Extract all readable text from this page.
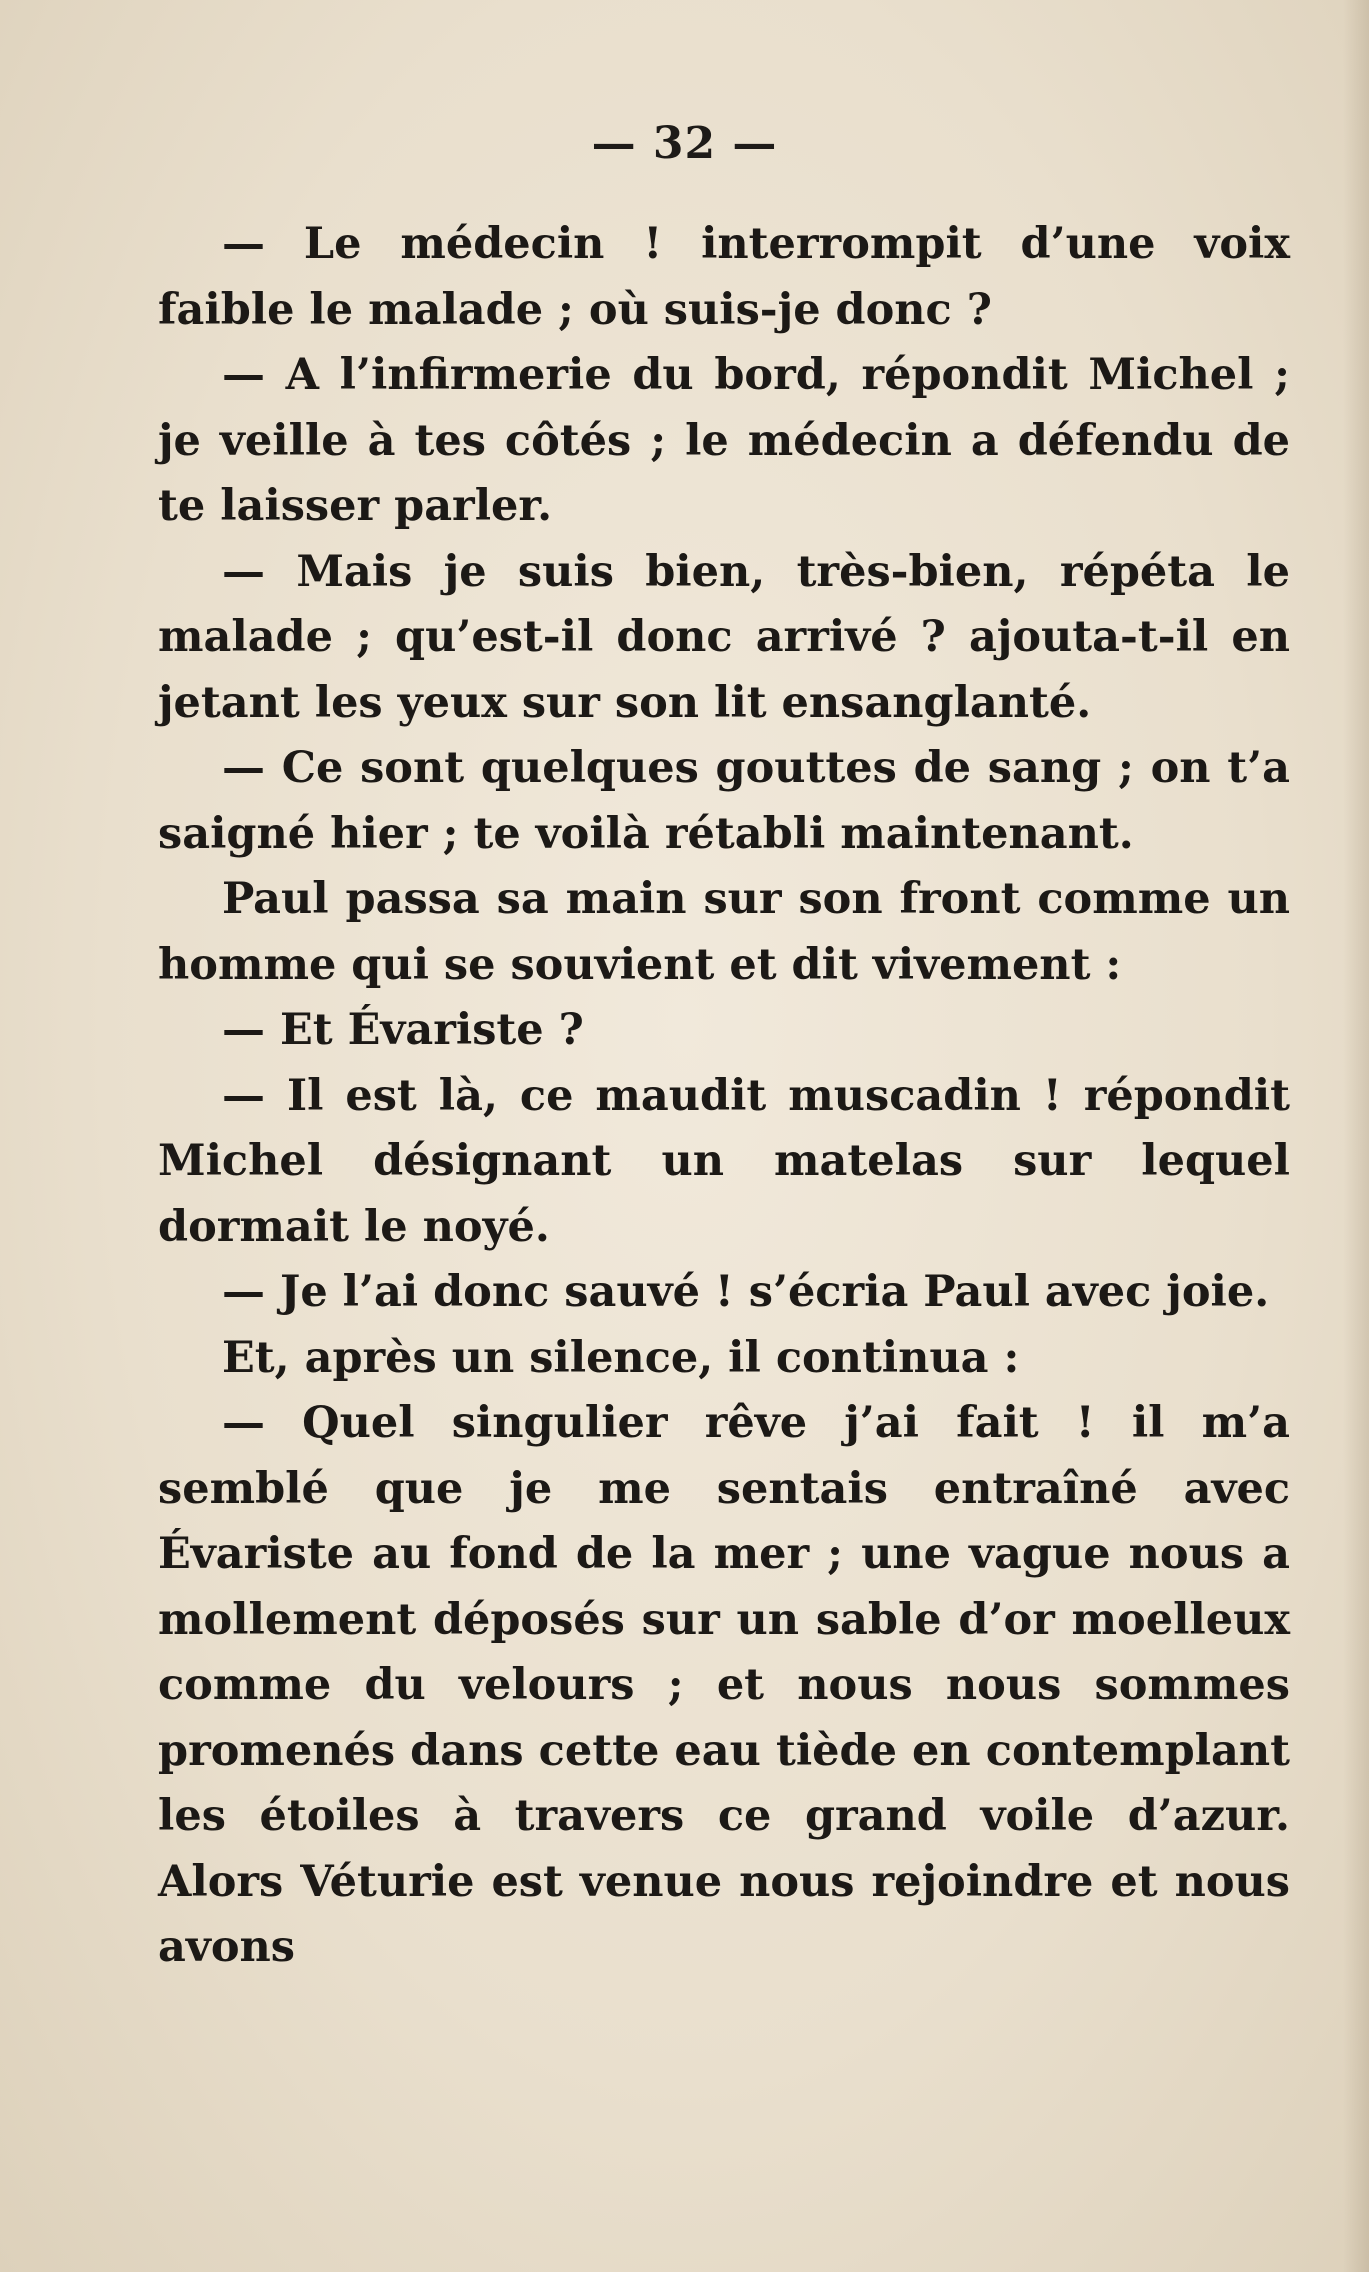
— 32 —

— Le médecin ! interrompit d’une voix faible le malade ; où suis-je donc ?

— A l’infirmerie du bord, répondit Michel ; je veille à tes côtés ; le médecin a défendu de te laisser parler.

— Mais je suis bien, très-bien, répéta le malade ; qu’est-il donc arrivé ? ajouta-t-il en jetant les yeux sur son lit ensanglanté.

— Ce sont quelques gouttes de sang ; on t’a saigné hier ; te voilà rétabli maintenant.

Paul passa sa main sur son front comme un homme qui se souvient et dit vivement :

— Et Évariste ?

— Il est là, ce maudit muscadin ! répondit Michel désignant un matelas sur lequel dormait le noyé.

— Je l’ai donc sauvé ! s’écria Paul avec joie.

Et, après un silence, il continua :

— Quel singulier rêve j’ai fait ! il m’a semblé que je me sentais entraîné avec Évariste au fond de la mer ; une vague nous a mollement déposés sur un sable d’or moelleux comme du velours ; et nous nous sommes promenés dans cette eau tiède en contemplant les étoiles à travers ce grand voile d’azur. Alors Véturie est venue nous rejoindre et nous avons
